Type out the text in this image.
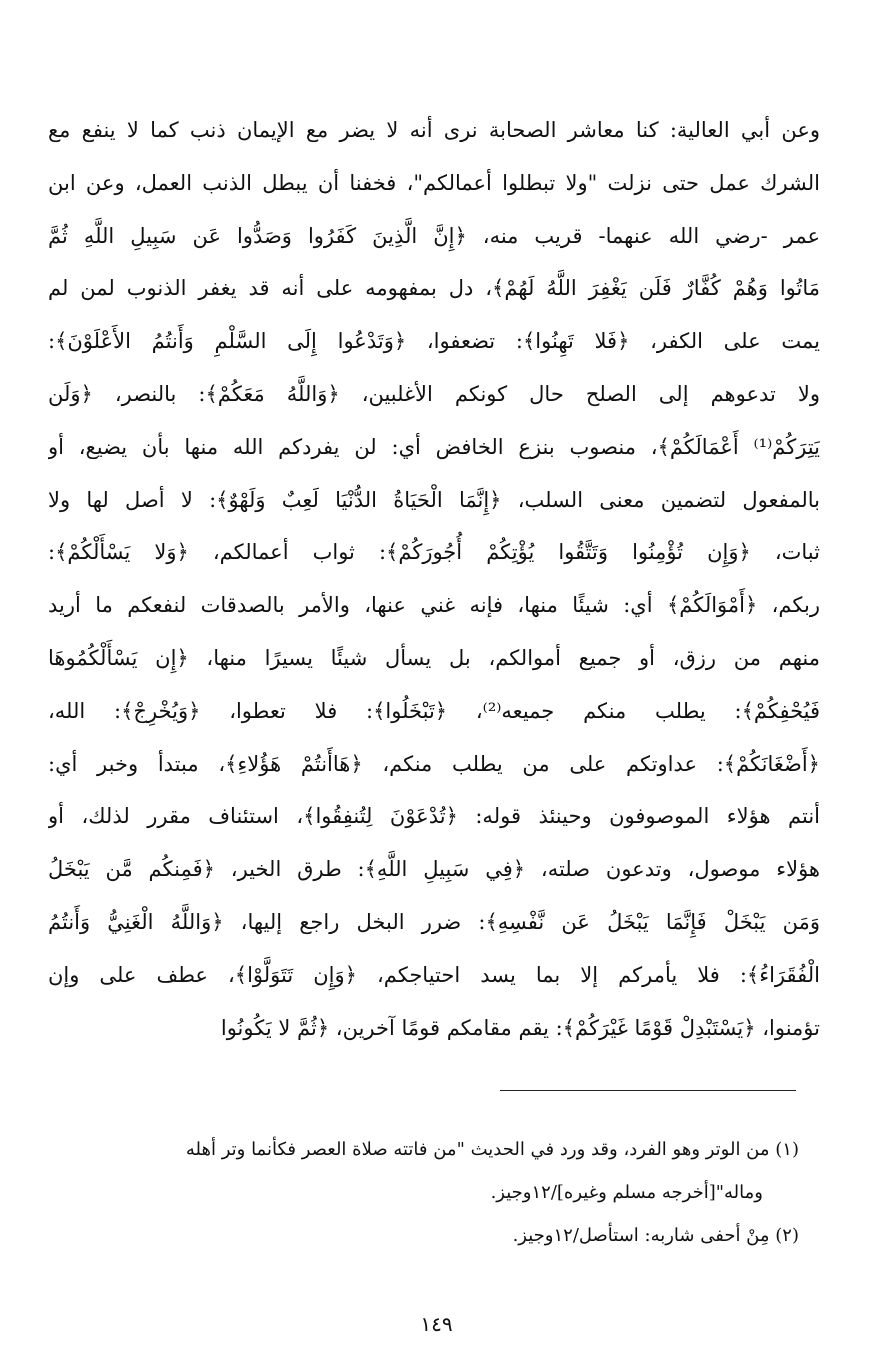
وعن أبي العالية: كنا معاشر الصحابة نرى أنه لا يضر مع الإيمان ذنب كما لا ينفع مع
الشرك عمل حتى نزلت "ولا تبطلوا أعمالكم"، فخفنا أن يبطل الذنب العمل، وعن ابن
عمر -رضي الله عنهما- قريب منه، ﴿إِنَّ الَّذِينَ كَفَرُوا وَصَدُّوا عَن سَبِيلِ اللَّهِ ثُمَّ
مَاتُوا وَهُمْ كُفَّارٌ فَلَن يَغْفِرَ اللَّهُ لَهُمْ﴾، دل بمفهومه على أنه قد يغفر الذنوب لمن لم
يمت على الكفر، ﴿فَلا تَهِنُوا﴾: تضعفوا، ﴿وَتَدْعُوا إِلَى السَّلْمِ وَأَنتُمُ الأَعْلَوْنَ﴾:
ولا تدعوهم إلى الصلح حال كونكم الأغلبين، ﴿وَاللَّهُ مَعَكُمْ﴾: بالنصر، ﴿وَلَن
يَتِرَكُمْ⁽¹⁾ أَعْمَالَكُمْ﴾، منصوب بنزع الخافض أي: لن يفردكم الله منها بأن يضيع، أو
بالمفعول لتضمين معنى السلب، ﴿إِنَّمَا الْحَيَاةُ الدُّنْيَا لَعِبٌ وَلَهْوٌ﴾: لا أصل لها ولا
ثبات، ﴿وَإِن تُؤْمِنُوا وَتَتَّقُوا يُؤْتِكُمْ أُجُورَكُمْ﴾: ثواب أعمالكم، ﴿وَلا يَسْأَلْكُمْ﴾:
ربكم، ﴿أَمْوَالَكُمْ﴾ أي: شيئًا منها، فإنه غني عنها، والأمر بالصدقات لنفعكم ما أريد
منهم من رزق، أو جميع أموالكم، بل يسأل شيئًا يسيرًا منها، ﴿إِن يَسْأَلْكُمُوهَا
فَيُحْفِكُمْ﴾: يطلب منكم جميعه⁽²⁾، ﴿تَبْخَلُوا﴾: فلا تعطوا، ﴿وَيُخْرِجْ﴾: الله،
﴿أَضْغَانَكُمْ﴾: عداوتكم على من يطلب منكم، ﴿هَاأَنتُمْ هَؤُلاءِ﴾، مبتدأ وخبر أي:
أنتم هؤلاء الموصوفون وحينئذ قوله: ﴿تُدْعَوْنَ لِتُنفِقُوا﴾، استئناف مقرر لذلك، أو
هؤلاء موصول، وتدعون صلته، ﴿فِي سَبِيلِ اللَّهِ﴾: طرق الخير، ﴿فَمِنكُم مَّن يَبْخَلُ
وَمَن يَبْخَلْ فَإِنَّمَا يَبْخَلُ عَن نَّفْسِهِ﴾: ضرر البخل راجع إليها، ﴿وَاللَّهُ الْغَنِيُّ وَأَنتُمُ
الْفُقَرَاءُ﴾: فلا يأمركم إلا بما يسد احتياجكم، ﴿وَإِن تَتَوَلَّوْا﴾، عطف على وإن
تؤمنوا، ﴿يَسْتَبْدِلْ قَوْمًا غَيْرَكُمْ﴾: يقم مقامكم قومًا آخرين، ﴿ثُمَّ لا يَكُونُوا
(١) من الوتر وهو الفرد، وقد ورد في الحديث "من فاتته صلاة العصر فكأنما وتر أهله
وماله"[أخرجه مسلم وغيره]/١٢وجيز.
(٢) مِنْ أحفى شاربه: استأصل/١٢وجيز.
١٤٩
